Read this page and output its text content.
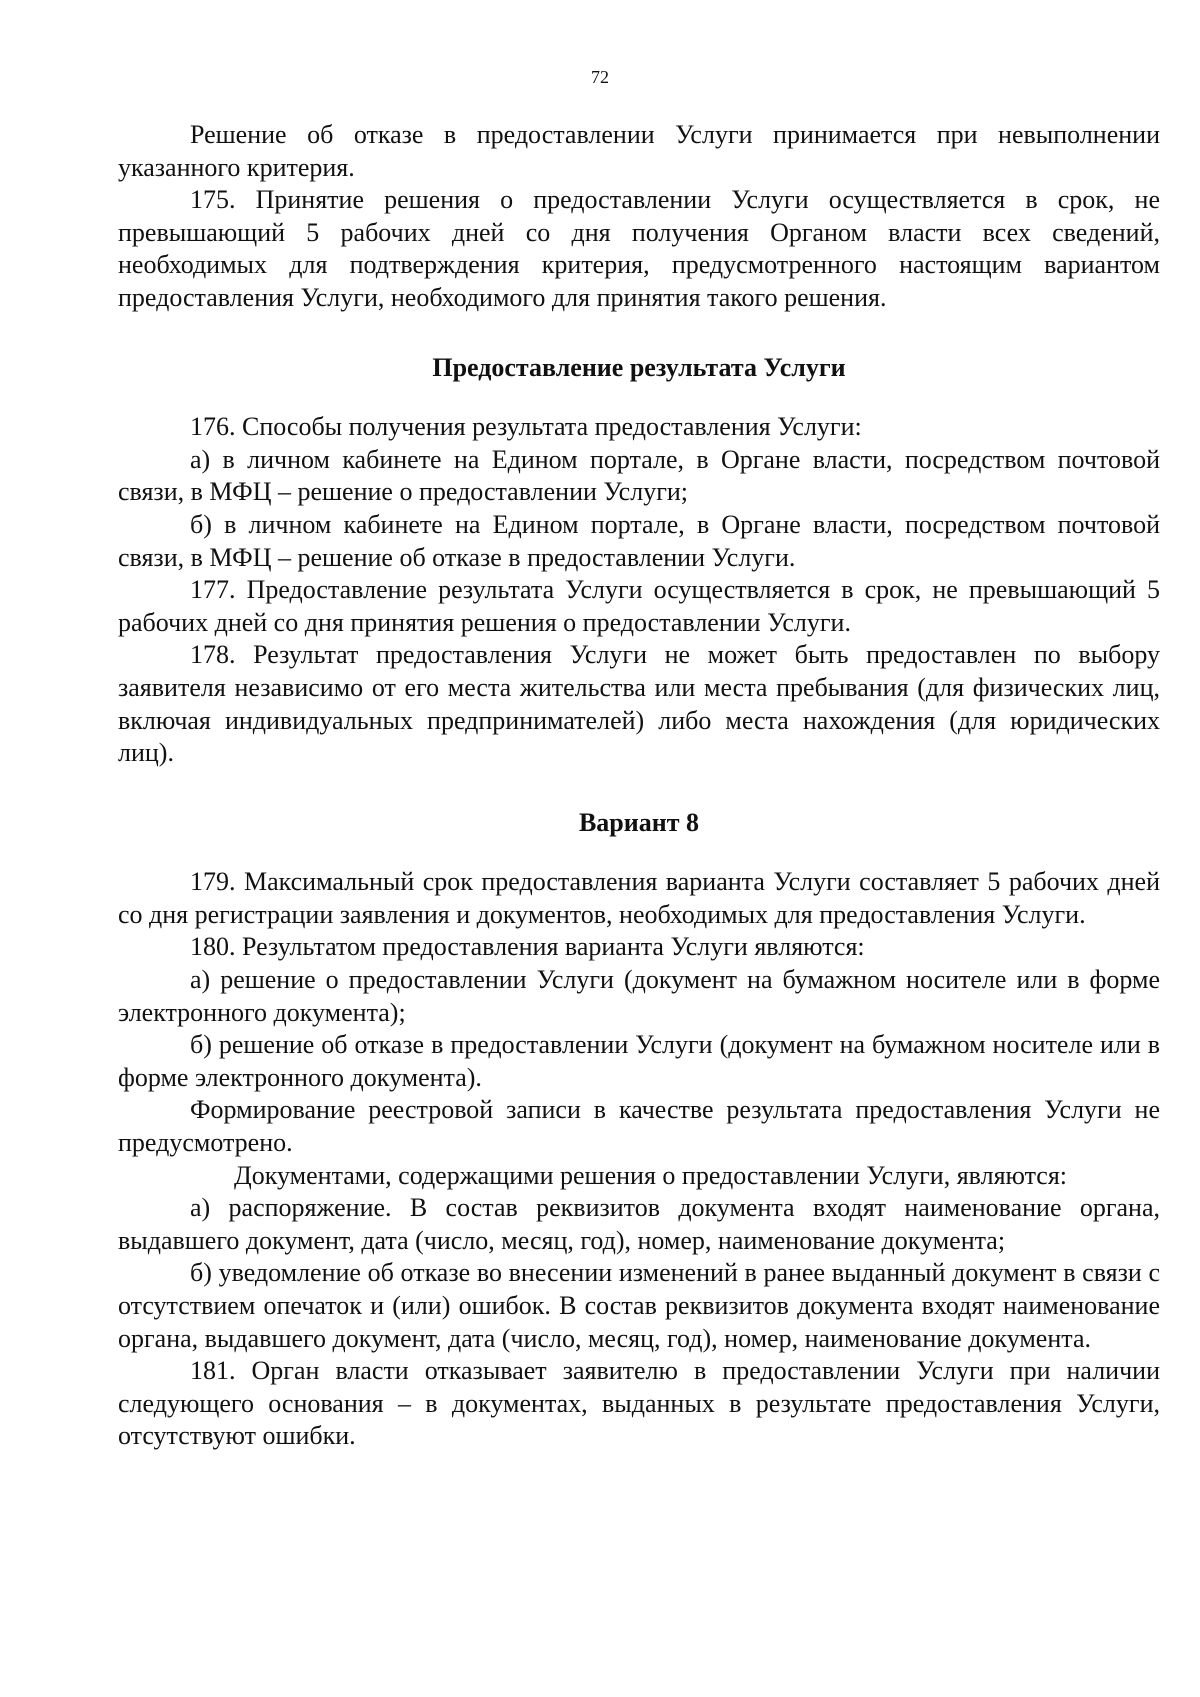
72

Решение об отказе в предоставлении Услуги принимается при невыполнении указанного критерия.

175. Принятие решения о предоставлении Услуги осуществляется в срок, не превышающий 5 рабочих дней со дня получения Органом власти всех сведений, необходимых для подтверждения критерия, предусмотренного настоящим вариантом предоставления Услуги, необходимого для принятия такого решения.

Предоставление результата Услуги

176. Способы получения результата предоставления Услуги:

а) в личном кабинете на Едином портале, в Органе власти, посредством почтовой связи, в МФЦ – решение о предоставлении Услуги;

б) в личном кабинете на Едином портале, в Органе власти, посредством почтовой связи, в МФЦ – решение об отказе в предоставлении Услуги.

177. Предоставление результата Услуги осуществляется в срок, не превышающий 5 рабочих дней со дня принятия решения о предоставлении Услуги.

178. Результат предоставления Услуги не может быть предоставлен по выбору заявителя независимо от его места жительства или места пребывания (для физических лиц, включая индивидуальных предпринимателей) либо места нахождения (для юридических лиц).

Вариант 8

179. Максимальный срок предоставления варианта Услуги составляет 5 рабочих дней со дня регистрации заявления и документов, необходимых для предоставления Услуги.

180. Результатом предоставления варианта Услуги являются:

а) решение о предоставлении Услуги (документ на бумажном носителе или в форме электронного документа);

б) решение об отказе в предоставлении Услуги (документ на бумажном носителе или в форме электронного документа).

Формирование реестровой записи в качестве результата предоставления Услуги не предусмотрено.

Документами, содержащими решения о предоставлении Услуги, являются:

а) распоряжение. В состав реквизитов документа входят наименование органа, выдавшего документ, дата (число, месяц, год), номер, наименование документа;

б) уведомление об отказе во внесении изменений в ранее выданный документ в связи с отсутствием опечаток и (или) ошибок. В состав реквизитов документа входят наименование органа, выдавшего документ, дата (число, месяц, год), номер, наименование документа.

181. Орган власти отказывает заявителю в предоставлении Услуги при наличии следующего основания – в документах, выданных в результате предоставления Услуги, отсутствуют ошибки.
